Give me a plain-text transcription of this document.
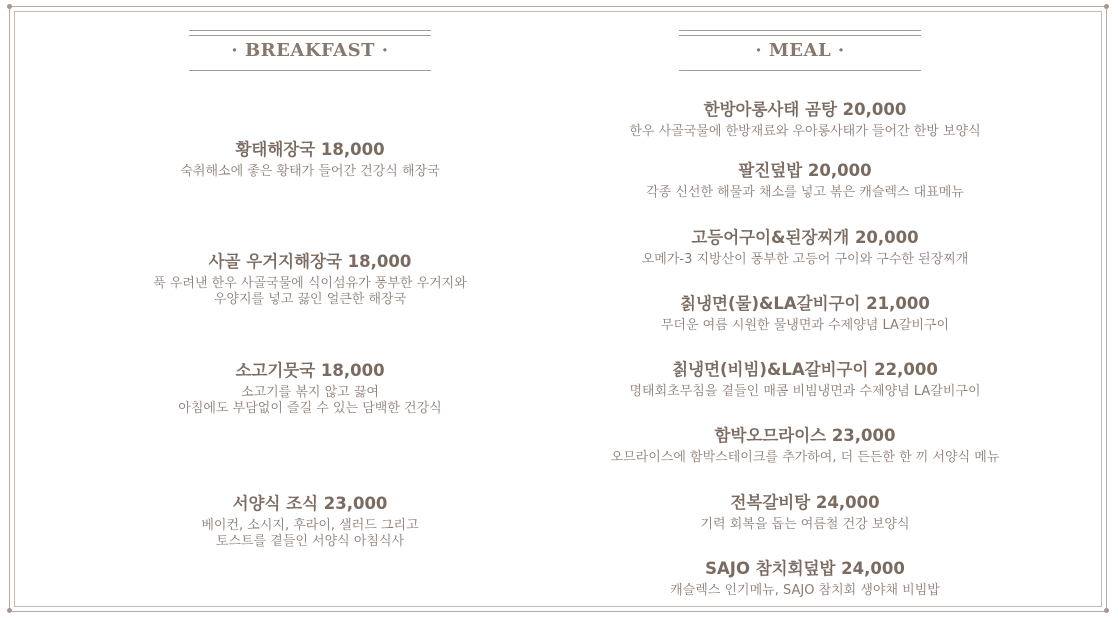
· BREAKFAST ·
황태해장국 18,000
숙취해소에 좋은 황태가 들어간 건강식 해장국
사골 우거지해장국 18,000
푹 우려낸 한우 사골국물에 식이섬유가 풍부한 우거지와
우양지를 넣고 끓인 얼큰한 해장국
소고기뭇국 18,000
소고기를 볶지 않고 끓여
아침에도 부담없이 즐길 수 있는 담백한 건강식
서양식 조식 23,000
베이컨, 소시지, 후라이, 샐러드 그리고
토스트를 곁들인 서양식 아침식사
· MEAL ·
한방아롱사태 곰탕 20,000
한우 사골국물에 한방재료와 우아롱사태가 들어간 한방 보양식
팔진덮밥 20,000
각종 신선한 해물과 채소를 넣고 볶은 캐슬렉스 대표메뉴
고등어구이&된장찌개 20,000
오메가-3 지방산이 풍부한 고등어 구이와 구수한 된장찌개
칡냉면(물)&LA갈비구이 21,000
무더운 여름 시원한 물냉면과 수제양념 LA갈비구이
칡냉면(비빔)&LA갈비구이 22,000
명태회초무침을 곁들인 매콤 비빔냉면과 수제양념 LA갈비구이
함박오므라이스 23,000
오므라이스에 함박스테이크를 추가하여, 더 든든한 한 끼 서양식 메뉴
전복갈비탕 24,000
기력 회복을 돕는 여름철 건강 보양식
SAJO 참치회덮밥 24,000
캐슬렉스 인기메뉴, SAJO 참치회 생야채 비빔밥
